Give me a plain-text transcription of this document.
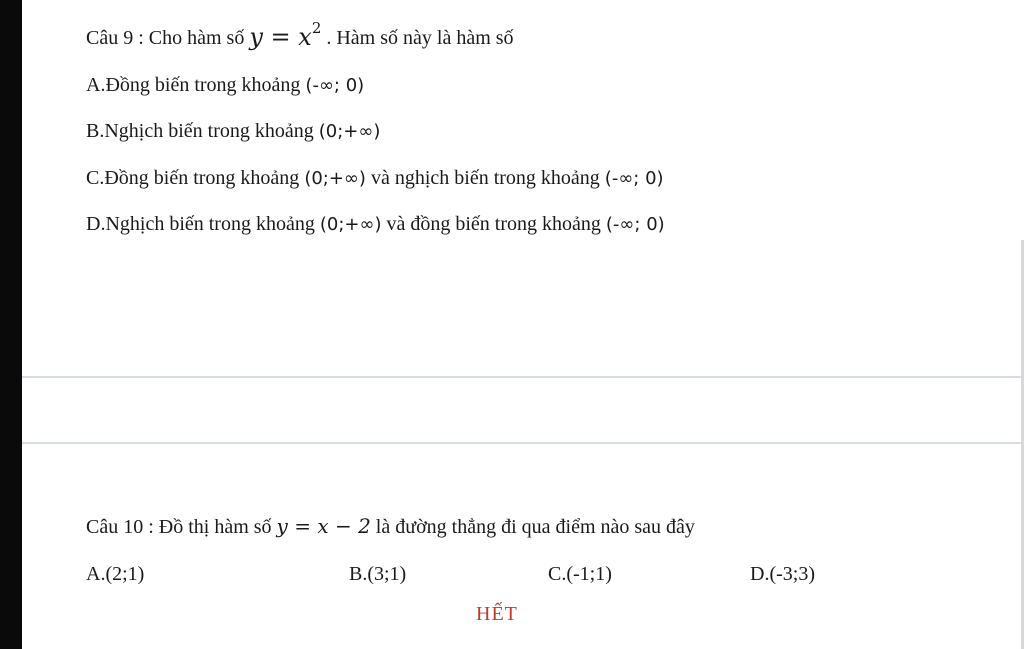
Câu 9 : Cho hàm số $y = x^2$ . Hàm số này là hàm số
A.Đồng biến trong khoảng (-∞; 0)
B.Nghịch biến trong khoảng (0;+∞)
C.Đồng biến trong khoảng (0;+∞) và nghịch biến trong khoảng (-∞; 0)
D.Nghịch biến trong khoảng (0;+∞) và đồng biến trong khoảng (-∞; 0)
Câu 10 : Đồ thị hàm số y = x − 2 là đường thẳng đi qua điểm nào sau đây
A.(2;1)	B.(3;1)	C.(-1;1)	D.(-3;3)
HẾT
